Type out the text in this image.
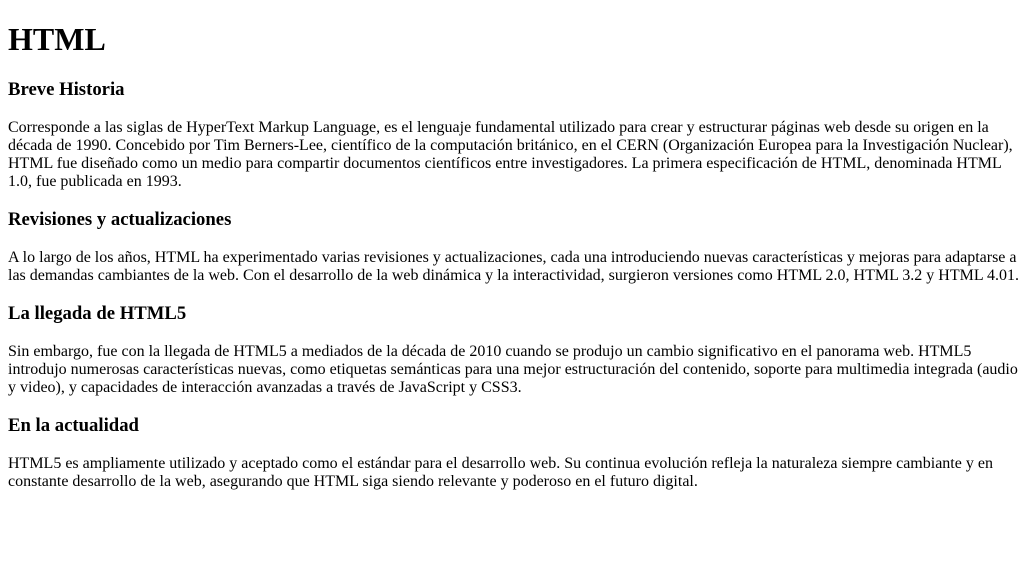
HTML
Breve Historia

Corresponde a las siglas de HyperText Markup Language, es el lenguaje fundamental utilizado para crear y estructurar páginas web desde su origen en la década de 1990. Concebido por Tim Berners-Lee, científico de la computación británico, en el CERN (Organización Europea para la Investigación Nuclear), HTML fue diseñado como un medio para compartir documentos científicos entre investigadores. La primera especificación de HTML, denominada HTML 1.0, fue publicada en 1993.

Revisiones y actualizaciones

A lo largo de los años, HTML ha experimentado varias revisiones y actualizaciones, cada una introduciendo nuevas características y mejoras para adaptarse a las demandas cambiantes de la web. Con el desarrollo de la web dinámica y la interactividad, surgieron versiones como HTML 2.0, HTML 3.2 y HTML 4.01.

La llegada de HTML5

Sin embargo, fue con la llegada de HTML5 a mediados de la década de 2010 cuando se produjo un cambio significativo en el panorama web. HTML5 introdujo numerosas características nuevas, como etiquetas semánticas para una mejor estructuración del contenido, soporte para multimedia integrada (audio y video), y capacidades de interacción avanzadas a través de JavaScript y CSS3.

En la actualidad

HTML5 es ampliamente utilizado y aceptado como el estándar para el desarrollo web. Su continua evolución refleja la naturaleza siempre cambiante y en constante desarrollo de la web, asegurando que HTML siga siendo relevante y poderoso en el futuro digital.
